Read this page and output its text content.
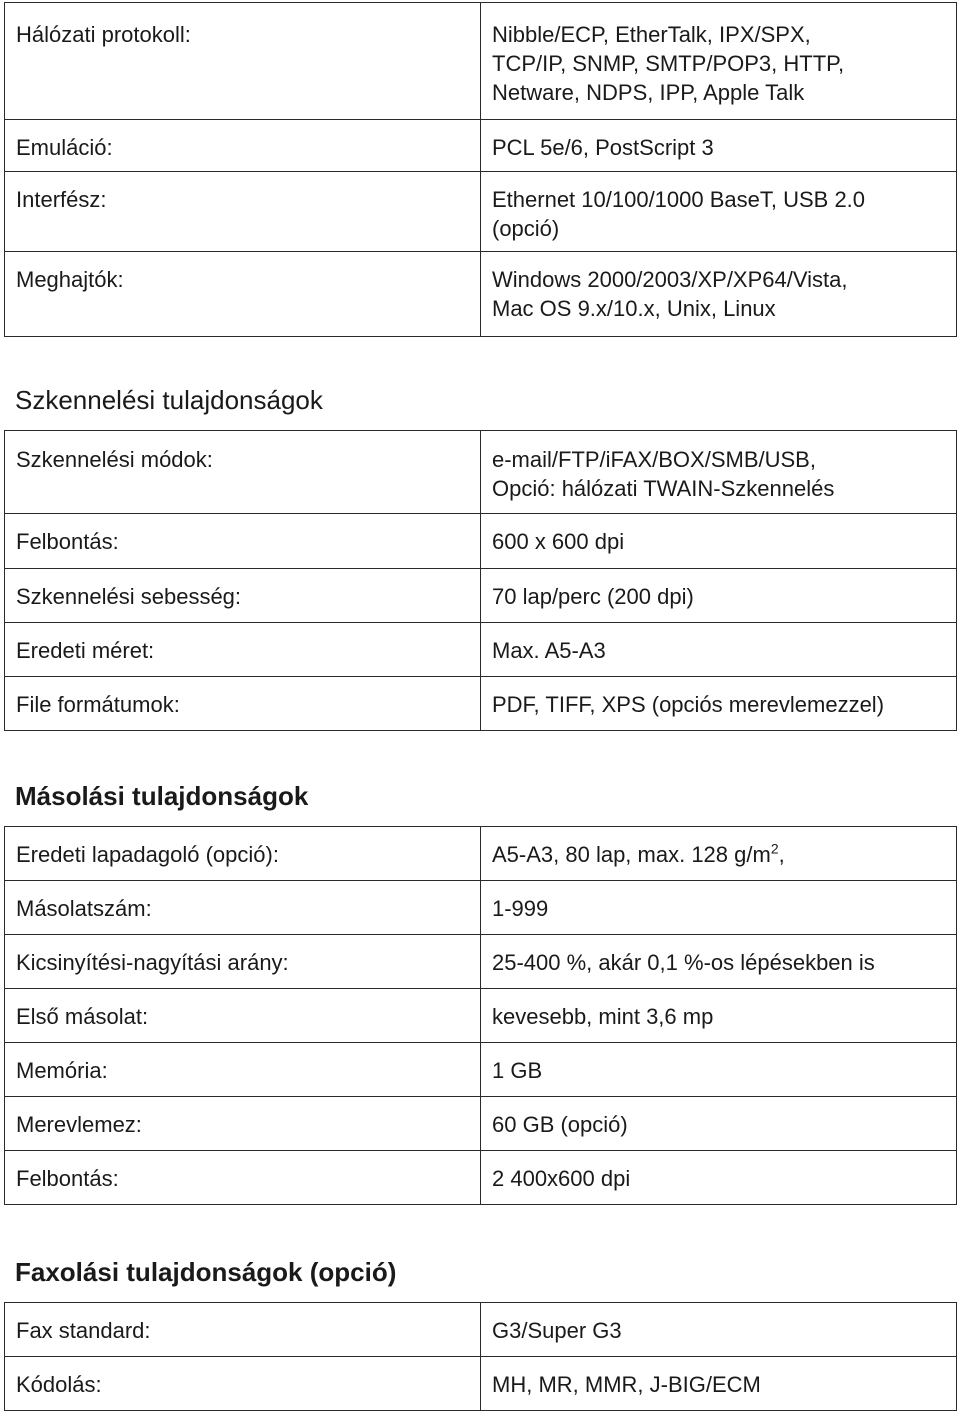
Hálózati protokoll:	Nibble/ECP, EtherTalk, IPX/SPX,
TCP/IP, SNMP, SMTP/POP3, HTTP,
Netware, NDPS, IPP, Apple Talk

Emuláció:	PCL 5e/6, PostScript 3

Interfész:	Ethernet 10/100/1000 BaseT, USB 2.0
(opció)

Meghajtók:	Windows 2000/2003/XP/XP64/Vista,
Mac OS 9.x/10.x, Unix, Linux
Szkennelési tulajdonságok
Szkennelési módok:	e-mail/FTP/iFAX/BOX/SMB/USB,
Opció: hálózati TWAIN-Szkennelés

Felbontás:	600 x 600 dpi

Szkennelési sebesség:	70 lap/perc (200 dpi)

Eredeti méret:	Max. A5-A3

File formátumok:	PDF, TIFF, XPS (opciós merevlemezzel)
Másolási tulajdonságok
Eredeti lapadagoló (opció):	A5-A3, 80 lap, max. 128 $g/m^2$,
Másolatszám:	1-999

Kicsinyítési-nagyítási arány:	25-400 %, akár 0,1 %-os lépésekben is

Első másolat:	kevesebb, mint 3,6 mp

Memória:	1 GB

Merevlemez:	60 GB (opció)

Felbontás:	2 400x600 dpi
Faxolási tulajdonságok (opció)
Fax standard:	G3/Super G3

Kódolás:	MH, MR, MMR, J-BIG/ECM
